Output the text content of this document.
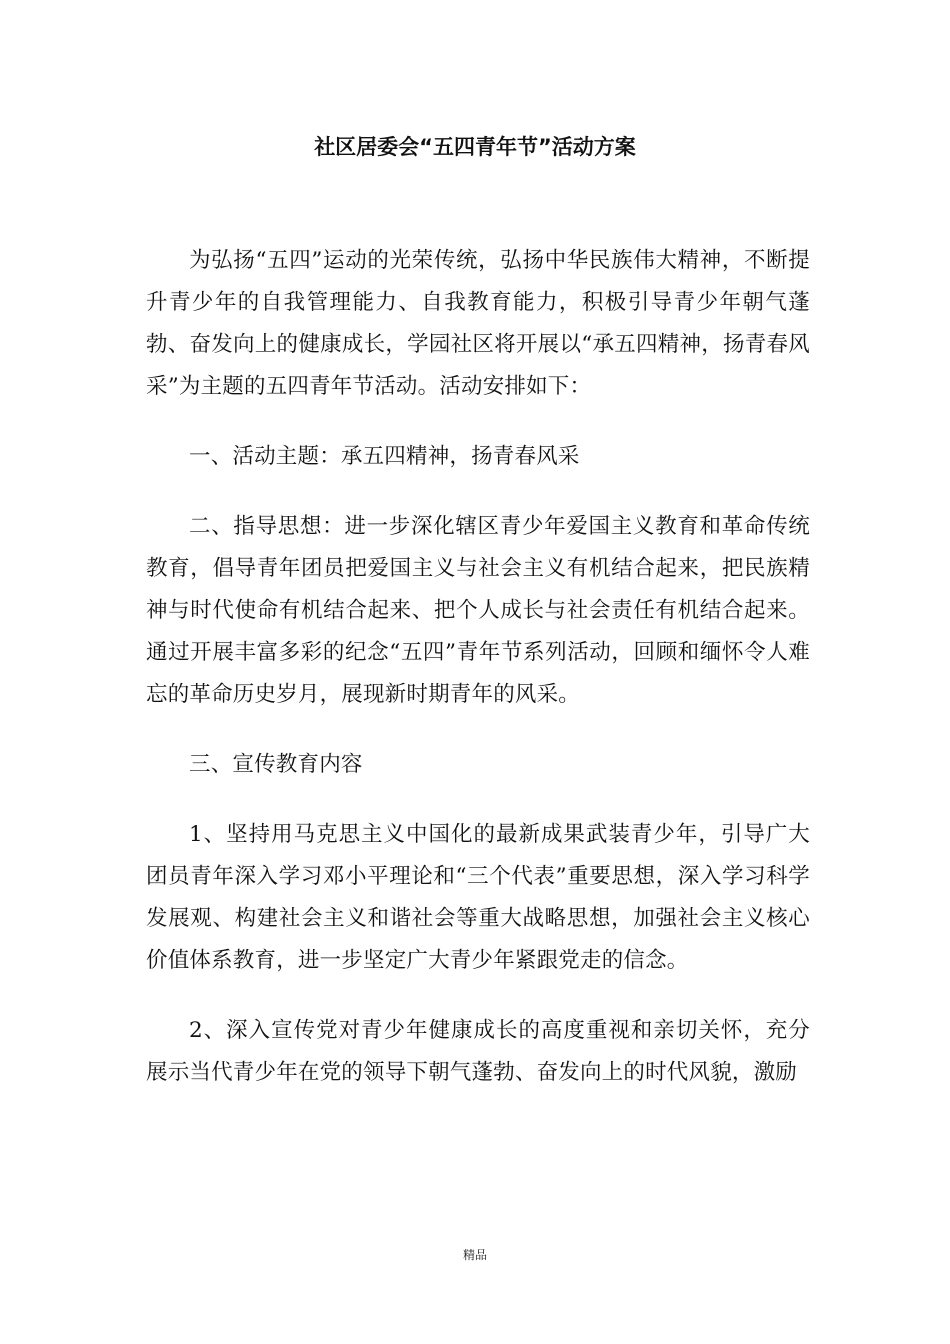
社区居委会“五四青年节”活动方案

为弘扬“五四”运动的光荣传统，弘扬中华民族伟大精神，不断提升青少年的自我管理能力、自我教育能力，积极引导青少年朝气蓬勃、奋发向上的健康成长，学园社区将开展以“承五四精神，扬青春风采”为主题的五四青年节活动。活动安排如下：

一、活动主题：承五四精神，扬青春风采

二、指导思想：进一步深化辖区青少年爱国主义教育和革命传统教育，倡导青年团员把爱国主义与社会主义有机结合起来，把民族精神与时代使命有机结合起来、把个人成长与社会责任有机结合起来。通过开展丰富多彩的纪念“五四”青年节系列活动，回顾和缅怀令人难忘的革命历史岁月，展现新时期青年的风采。

三、宣传教育内容

1、坚持用马克思主义中国化的最新成果武装青少年，引导广大团员青年深入学习邓小平理论和“三个代表”重要思想，深入学习科学发展观、构建社会主义和谐社会等重大战略思想，加强社会主义核心价值体系教育，进一步坚定广大青少年紧跟党走的信念。

2、深入宣传党对青少年健康成长的高度重视和亲切关怀，充分展示当代青少年在党的领导下朝气蓬勃、奋发向上的时代风貌，激励

精品
